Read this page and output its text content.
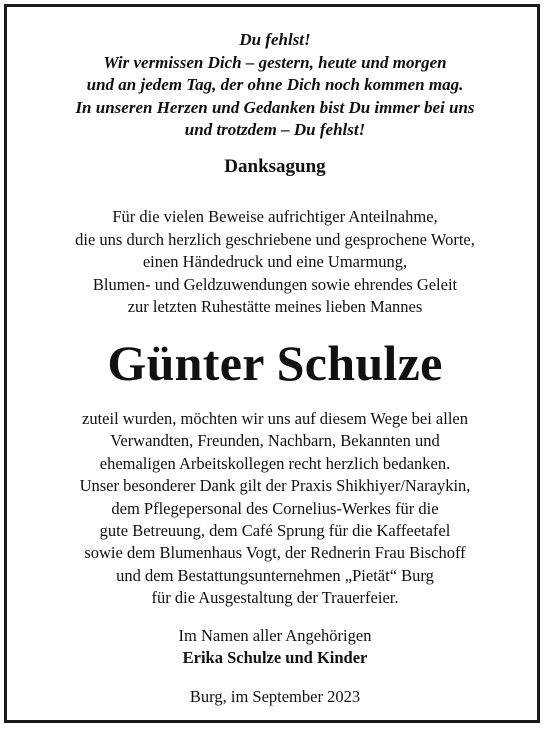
Du fehlst!
Wir vermissen Dich – gestern, heute und morgen
und an jedem Tag, der ohne Dich noch kommen mag.
In unseren Herzen und Gedanken bist Du immer bei uns
und trotzdem – Du fehlst!
Danksagung
Für die vielen Beweise aufrichtiger Anteilnahme,
die uns durch herzlich geschriebene und gesprochene Worte,
einen Händedruck und eine Umarmung,
Blumen- und Geldzuwendungen sowie ehrendes Geleit
zur letzten Ruhestätte meines lieben Mannes
Günter Schulze
zuteil wurden, möchten wir uns auf diesem Wege bei allen
Verwandten, Freunden, Nachbarn, Bekannten und
ehemaligen Arbeitskollegen recht herzlich bedanken.
Unser besonderer Dank gilt der Praxis Shikhiyer/Naraykin,
dem Pflegepersonal des Cornelius-Werkes für die
gute Betreuung, dem Café Sprung für die Kaffeetafel
sowie dem Blumenhaus Vogt, der Rednerin Frau Bischoff
und dem Bestattungsunternehmen „Pietät“ Burg
für die Ausgestaltung der Trauerfeier.
Im Namen aller Angehörigen
Erika Schulze und Kinder
Burg, im September 2023
